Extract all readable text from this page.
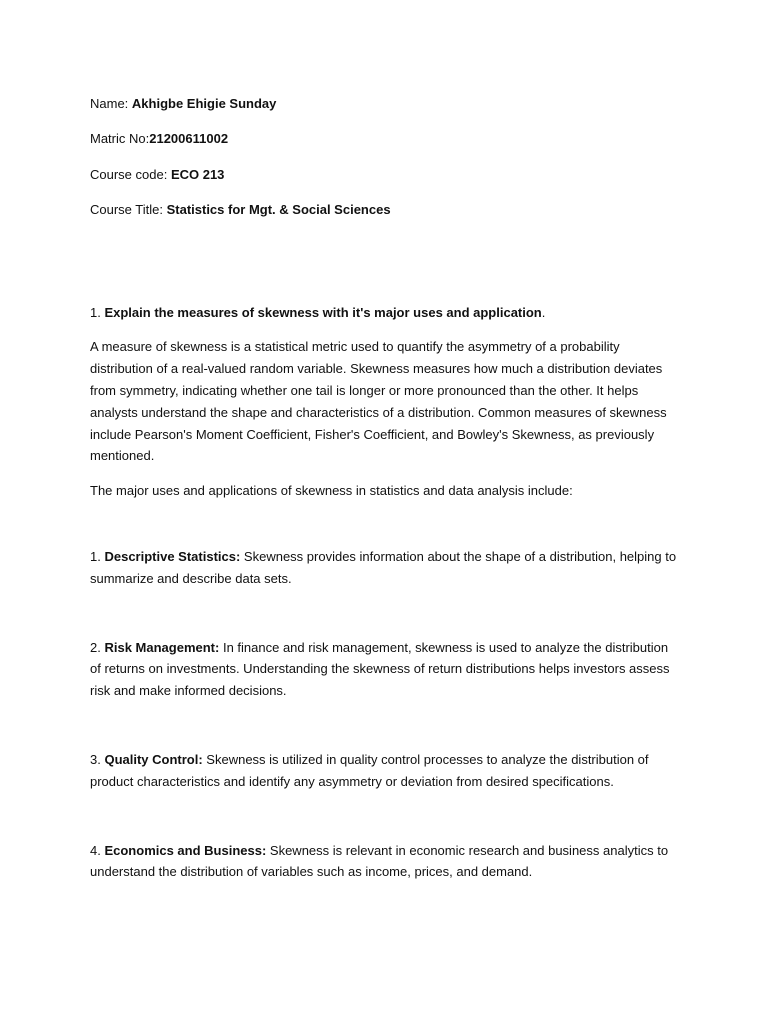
Name: Akhigbe Ehigie Sunday
Matric No:21200611002
Course code: ECO 213
Course Title: Statistics for Mgt. & Social Sciences
1. Explain the measures of skewness with it's major uses and application.

A measure of skewness is a statistical metric used to quantify the asymmetry of a probability distribution of a real-valued random variable. Skewness measures how much a distribution deviates from symmetry, indicating whether one tail is longer or more pronounced than the other. It helps analysts understand the shape and characteristics of a distribution. Common measures of skewness include Pearson's Moment Coefficient, Fisher's Coefficient, and Bowley's Skewness, as previously mentioned.

The major uses and applications of skewness in statistics and data analysis include:

1. Descriptive Statistics: Skewness provides information about the shape of a distribution, helping to summarize and describe data sets.

2. Risk Management: In finance and risk management, skewness is used to analyze the distribution of returns on investments. Understanding the skewness of return distributions helps investors assess risk and make informed decisions.

3. Quality Control: Skewness is utilized in quality control processes to analyze the distribution of product characteristics and identify any asymmetry or deviation from desired specifications.

4. Economics and Business: Skewness is relevant in economic research and business analytics to understand the distribution of variables such as income, prices, and demand.
